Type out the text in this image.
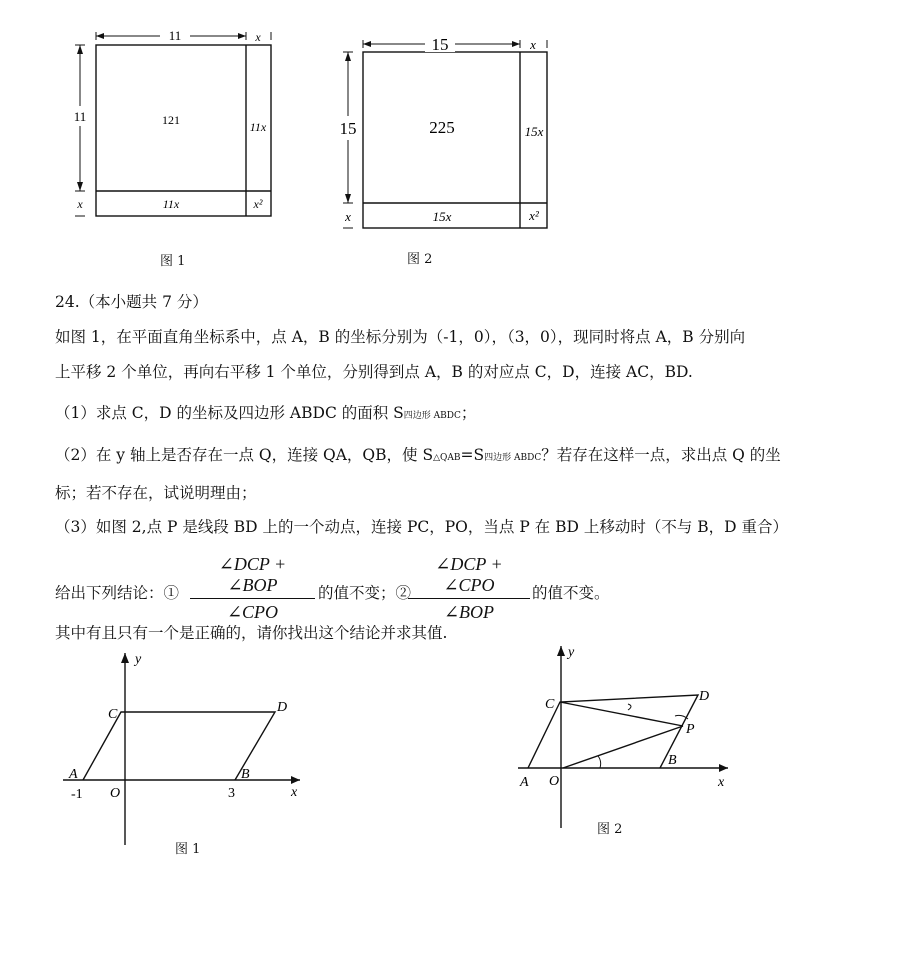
11	x
11
x
121	11x
11x	x²
图 1
15	x
15
x
225	15x
15x	x²
图 2
24.（本小题共 7 分）
如图 1，在平面直角坐标系中，点 A，B 的坐标分别为（-1，0），（3，0），现同时将点 A，B 分别向
上平移 2 个单位，再向右平移 1 个单位，分别得到点 A，B 的对应点 C，D，连接 AC，BD.
（1）求点 C，D 的坐标及四边形 ABDC 的面积 S四边形 ABDC；
（2）在 y 轴上是否存在一点 Q，连接 QA，QB，使 S△QAB=S四边形 ABDC？若存在这样一点，求出点 Q 的坐
标；若不存在，试说明理由；
（3）如图 2,点 P 是线段 BD 上的一个动点，连接 PC，PO，当点 P 在 BD 上移动时（不与 B，D 重合）
给出下列结论：①
∠DCP + ∠BOP
∠CPO
的值不变；②
∠DCP + ∠CPO
∠BOP
的值不变。
其中有且只有一个是正确的，请你找出这个结论并求其值.
y
x
A	B
C	D
O
-1	3
图 1
y
x
A
B
C
D
O
P
图 2
